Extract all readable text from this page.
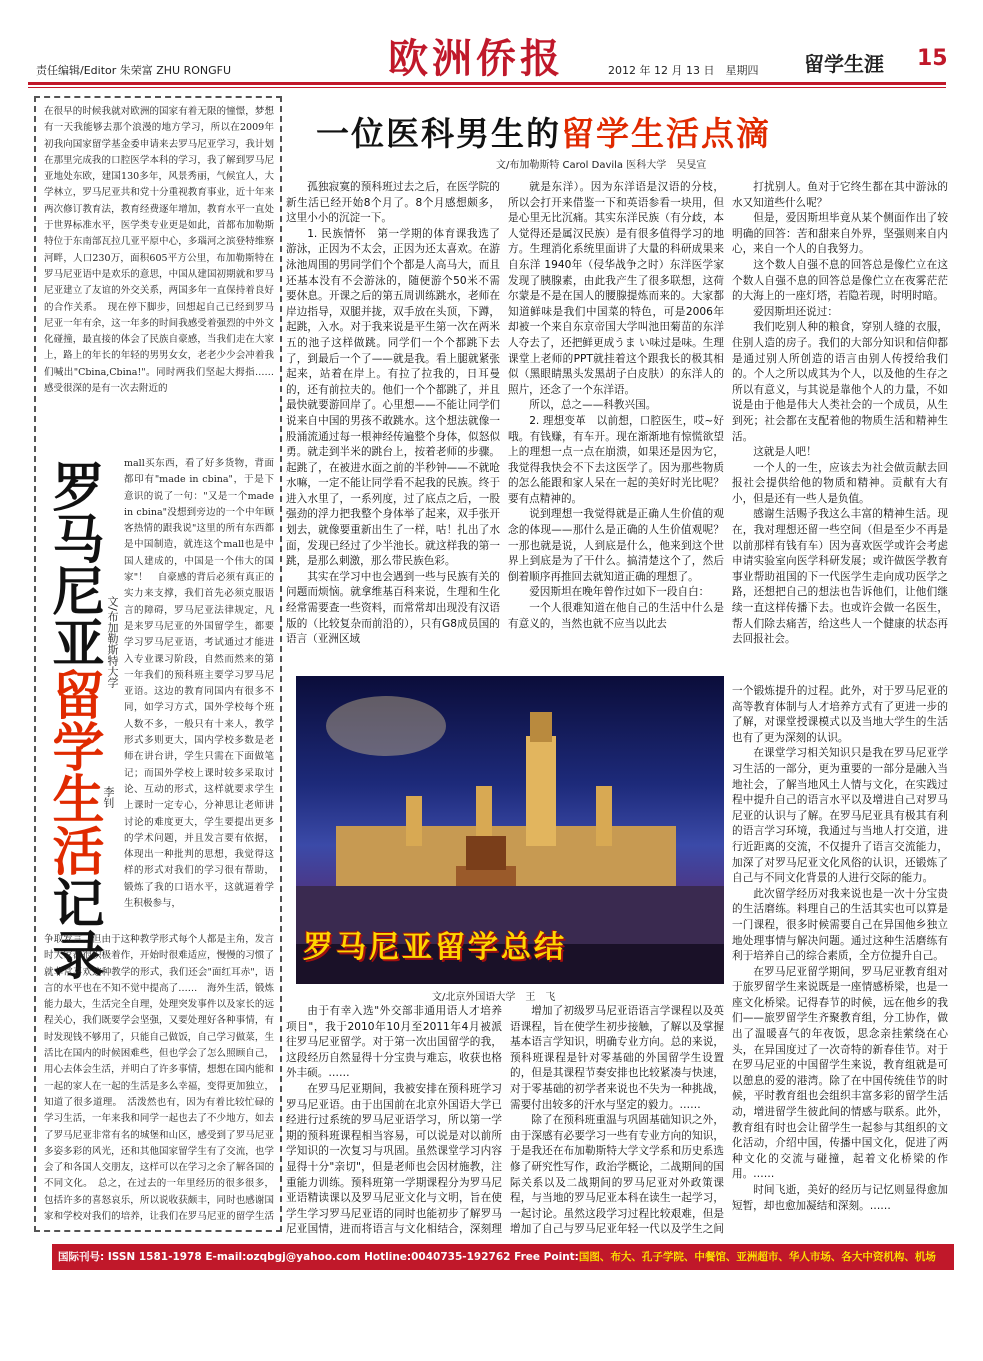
责任编辑/Editor 朱荣富 ZHU RONGFU	欧洲侨报	2012 年 12 月 13 日　星期四 留学生涯 15
在很早的时候我就对欧洲的国家有着无限的憧憬，梦想有一天我能够去那个浪漫的地方学习，所以在2009年初我向国家留学基金委申请来去罗马尼亚学习，我计划在那里完成我的口腔医学本科的学习，我了解到罗马尼亚地处东欧，建国130多年，风景秀丽，气候宜人，大学林立，罗马尼亚共和党十分重视教育事业，近十年来两次修订教育法，教育经费逐年增加，教育水平一直处于世界标准水平，医学类专业更是如此，首都布加勒斯特位于东南部瓦拉几亚平原中心，多瑙河之滨登特维察河畔，人口230万，面积605平方公里，布加勒斯特在罗马尼亚语中是欢乐的意思，中国从建国初期就和罗马尼亚建立了友谊的外交关系，两国多年一直保持着良好的合作关系。　现在停下脚步，回想起自己已经到罗马尼亚一年有余，这一年多的时间我感受着强烈的中外文化碰撞，最直接的体会了民族自豪感，当我们走在大家上，路上的年长的年轻的男男女女，老老少少会冲着我们喊出"Cbina,Cbina!"。同时两我们坚起大拇指……感受很深的是有一次去附近的
罗马尼亚留学生活记录
文/布加勒斯特大学
李钊
mall买东西，看了好多货物，背面都印有"made in cbina"，于是下意识的说了一句："又是一个made in cbina"没想到旁边的一个中年顾客热情的跟我说"这里的所有东西都是中国制造，就连这个mall也是中国人建成的，中国是一个伟大的国家"！　自豪感的背后必须有真正的实力来支撑，我们首先必须克服语言的障碍，罗马尼亚法律规定，凡是来罗马尼亚的外国留学生，都要学习罗马尼亚语，考试通过才能进入专业课习阶段，自然而然来的第一年我们的预科班主要学习罗马尼亚语。这边的教育同国内有很多不同，如学习方式，国外学校每个班人数不多，一般只有十来人，教学形式多则更大，国内学校多数是老师在讲台讲，学生只需在下面做笔记；而国外学校上课时较多采取讨论、互动的形式，这样就要求学生上课时一定专心，分神思让老师讲讨论的难度更大，学生要提出更多的学术问题，并且发言要有依据，体现出一种批判的思想，我觉得这样的形式对我们的学习很有帮助，锻炼了我的口语水平，这就逼着学生积极参与，
争取发言。但由于这种教学形式每个人都是主角，发言时大家都很积极着作，开始时很难适应，慢慢的习惯了就非常喜欢这种教学的形式，我们还会"面红耳赤"，语言的水平也在不知不觉中提高了……　海外生活，锻炼能力最大，生活完全自理，处理突发事件以及家长的远程关心，我们既要学会坚强，又要处理好各种事情，有时发现钱不够用了，只能自己做饭，自己学习做菜，生活比在国内的时候困难些，但也学会了怎么照顾自己，用心去体会生活，并明白了许多事情，想想在国内能和一起的家人在一起的生活是多么幸福，变得更加独立，知道了很多道理。　活泼然也有，因为有着比较忙碌的学习生活，一年来我和同学一起也去了不少地方，如去了罗马尼亚非常有名的城堡和山区，感受到了罗马尼亚多姿多彩的风光，还和其他国家留学生有了交流，也学会了和各国人交朋友，这样可以在学习之余了解各国的不同文化。　总之，在过去的一年里经历的很多很多，包括许多的喜怒哀乐，所以说收获颇丰，同时也感谢国家和学校对我们的培养，让我们在罗马尼亚的留学生活
一位医科男生的留学生活点滴
文/布加勒斯特 Carol Davila 医科大学　吴旻宣

孤独寂寞的预科班过去之后，在医学院的新生活已经开始8个月了。8个月感想颇多，这里小小的沉淀一下。

1. 民族情怀　第一学期的体育课我选了游泳，正因为不太会，正因为还太喜欢。在游泳池周围的男同学们个个都是人高马大，而且还基本没有不会游泳的，随便游个50米不需要休息。开课之后的第五周训练跳水，老师在岸边指导，双腿并拢，双手放在头顶，下蹲，起跳，入水。对于我来说是平生第一次在两米五的池子这样做跳。同学们一个个都跳下去了，到最后一个了——就是我。看上腿就紧张起来，站着在岸上。有拉了拉我的，日耳曼的，还有前拉夫的。他们一个个都跳了，并且最快就要游回岸了。心里想——不能让同学们说来自中国的男孩不敢跳水。这个想法就像一股涌流通过每一根神经传遍整个身体，似怒似勇。就走到半米的跳台上，按着老师的步骤。起跳了，在被进水面之前的半秒钟——不就呛水嘛，一定不能让同学看不起我的民族。终于进入水里了，一系列度，过了底点之后，一股强劲的浮力把我整个身体举了起来，双手张开划去，就像要重新出生了一样，咕！扎出了水面，发现已经过了少半池长。就这样我的第一跳，是那么刺激，那么带民族色彩。

其实在学习中也会遇到一些与民族有关的问题而烦恼。就拿维基百科来说，生理和生化经常需要查一些资料，而常常却出现没有汉语版的（比较复杂而前沿的），只有G8成员国的语言（亚洲区域

就是东洋）。因为东洋语是汉语的分枝，所以会打开来借鉴一下和英语参看一块用，但是心里无比沉痛。其实东洋民族（有分歧，本人觉得还是属汉民族）是有很多值得学习的地方。生理消化系统里面讲了大量的科研成果来自东洋 1940年（侵华战争之时）东洋医学家发现了胰腺素，由此我产生了很多联想，这荷尔蒙是不是在国人的腰腺提炼而来的。大家都知道鲜味是我们中国菜的特色，可是2006年却被一个来自东京帝国大学叫池田菊苗的东洋人夺去了，还把鲜更成うま い味过是味。生理课堂上老师的PPT就挂着这个跟我长的极其相似（黑眼睛黑头发黑胡子白皮肤）的东洋人的照片，还念了一个东洋语。

所以，总之——科教兴国。

2. 理想变革　以前想，口腔医生，哎~好哦。有钱赚，有车开。现在渐渐地有惊慌欲望上的理想一点一点在崩溃，如果还是因为它，我觉得我快会不下去这医学了。因为那些物质的怎么能跟和家人呆在一起的美好时光比呢？要有点精神的。

说到理想一我觉得就是正确人生价值的观念的体现——那什么是正确的人生价值观呢？一那也就是说，人到底是什么，他来到这个世界上到底是为了干什么。搞清楚这个了，然后倒着顺序再推回去就知道正确的理想了。

爱因斯坦在晚年曾作过如下一段自白：

一个人很难知道在他自己的生活中什么是有意义的，当然也就不应当以此去

打扰别人。鱼对于它终生都在其中游泳的水又知道些什么呢？

但是，爱因斯坦毕竟从某个侧面作出了较明确的回答：苦和甜来自外界，坚强则来自内心，来自一个人的自我努力。

这个数人自强不息的回答总是像伫立在这个数人自强不息的回答总是像伫立在夜雾茫茫的大海上的一座灯塔，若隐若现，时明时暗。

爱因斯坦还说过：

我们吃别人种的粮食，穿别人缝的衣服，住别人造的房子。我们的大部分知识和信仰都是通过别人所创造的语言由别人传授给我们的。个人之所以成其为个人，以及他的生存之所以有意义，与其说是靠他个人的力量，不如说是由于他是伟大人类社会的一个成员，从生到死；社会都在支配着他的物质生活和精神生活。

这就是人吧！

一个人的一生，应该去为社会做贡献去回报社会提供给他的物质和精神。贡献有大有小，但是还有一些人是负值。

感谢生活赐予我这么丰富的精神生活。现在，我对理想还留一些空间（但是至少不再是以前那样有钱有车）因为喜欢医学或许会考虑申请实验室向医学科研发展；或许做医学教育事业帮助祖国的下一代医学生走向成功医学之路，还想把自己的想法也告诉他们，让他们继续一直这样传播下去。也或许会做一名医生，帮人们除去痛苦，给这些人一个健康的状态再去回报社会。

罗马尼亚留学总结
文/北京外国语大学　王　飞

由于有幸入选"外交部非通用语人才培养项目"，我于2010年10月至2011年4月被派往罗马尼亚留学。对于第一次出国留学的我，这段经历自然显得十分宝贵与难忘，收获也格外丰硕。……

在罗马尼亚期间，我被安排在预科班学习罗马尼亚语。由于出国前在北京外国语大学已经进行过系统的罗马尼亚语学习，所以第一学期的预科班课程相当容易，可以说是对以前所学知识的一次复习与巩固。虽然课堂学习内容显得十分"亲切"，但是老师也会因材施教，注重能力训练。预科班第一学期课程分为罗马尼亚语精读课以及罗马尼亚文化与文明，旨在使学生学习罗马尼亚语的同时也能初步了解罗马尼亚国情，进而将语言与文化相结合，深刻理

增加了初级罗马尼亚语语言学课程以及英语课程，旨在使学生初步接触，了解以及掌握基本语言学知识，明确专业方向。总的来说，预科班课程是针对零基础的外国留学生设置的，但是其课程节奏安排也比较紧凑与快速，对于零基础的初学者来说也不失为一种挑战，需要付出较多的汗水与坚定的毅力。……

除了在预科班重温与巩固基础知识之外，由于深感有必要学习一些有专业方向的知识，于是我还在布加勒斯特大学文学系和历史系选修了研究性写作，政治学概论，二战期间的国际关系以及二战期间的罗马尼亚对外政策课程，与当地的罗马尼亚本科在读生一起学习，一起讨论。虽然这段学习过程比较艰难，但是增加了自己与罗马尼亚年轻一代以及学生之间

一个锻炼提升的过程。此外，对于罗马尼亚的高等教育体制与人才培养方式有了更进一步的了解，对课堂授课模式以及当地大学生的生活也有了更为深刻的认识。

在课堂学习相关知识只是我在罗马尼亚学习生活的一部分，更为重要的一部分是融入当地社会，了解当地风土人情与文化，在实践过程中提升自己的语言水平以及增进自己对罗马尼亚的认识与了解。在罗马尼亚具有极其有利的语言学习环境，我通过与当地人打交道，进行近距离的交流，不仅提升了语言交流能力，加深了对罗马尼亚文化风俗的认识，还锻炼了自己与不同文化背景的人进行交际的能力。

此次留学经历对我来说也是一次十分宝贵的生活磨练。料理自己的生活其实也可以算是一门课程，很多时候需要自己在异国他乡独立地处理事情与解决问题。通过这种生活磨练有利于培养自己的综合素质，全方位提升自己。

在罗马尼亚留学期间，罗马尼亚教育组对于旅罗留学生来说既是一座情感桥梁，也是一座文化桥梁。记得春节的时候，远在他乡的我们——旅罗留学生齐聚教育组，分工协作，做出了温暖喜气的年夜饭，思念亲挂萦绕在心头，在异国度过了一次奇特的新春佳节。对于在罗马尼亚的中国留学生来说，教育组就是可以憩息的爱的港湾。除了在中国传统佳节的时候，平时教育组也会组织丰富多彩的留学生活动，增进留学生彼此间的情感与联系。此外，教育组有时也会让留学生一起参与其组织的文化活动，介绍中国，传播中国文化，促进了两种文化的交流与碰撞，起着文化桥梁的作用。……

时间飞逝，美好的经历与记忆则显得愈加短暂，却也愈加凝结和深刻。……

国际刊号: ISSN 1581-1978 E-mail:ozqbgj@yahoo.com Hotline:0040735-192762 Free Point:国图、布大、孔子学院、中餐馆、亚洲超市、华人市场、各大中资机构、机场
